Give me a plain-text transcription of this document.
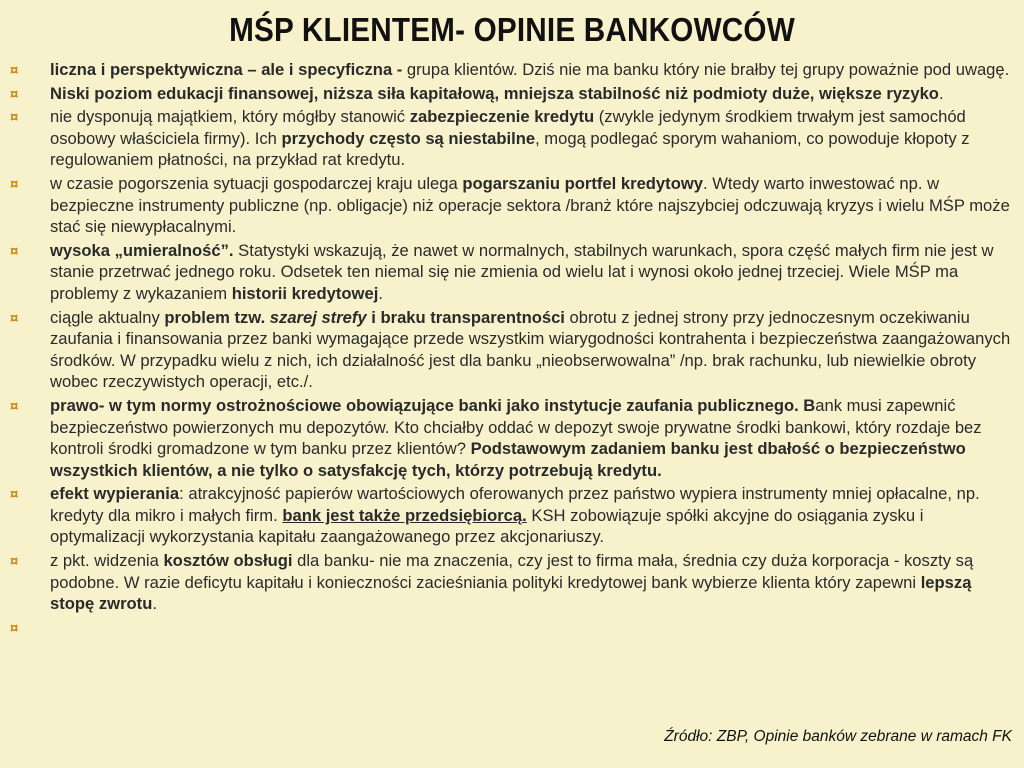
MŚP KLIENTEM- OPINIE BANKOWCÓW
¤ liczna i perspektywiczna – ale i specyficzna - grupa klientów. Dziś nie ma banku który nie brałby tej grupy poważnie pod uwagę.
¤ Niski poziom edukacji finansowej, niższa siła kapitałową, mniejsza stabilność niż podmioty duże, większe ryzyko.
¤ nie dysponują majątkiem, który mógłby stanowić zabezpieczenie kredytu (zwykle jedynym środkiem trwałym jest samochód osobowy właściciela firmy). Ich przychody często są niestabilne, mogą podlegać sporym wahaniom, co powoduje kłopoty z regulowaniem płatności, na przykład rat kredytu.
¤ w czasie pogorszenia sytuacji gospodarczej kraju ulega pogarszaniu portfel kredytowy. Wtedy warto inwestować np. w bezpieczne instrumenty publiczne (np. obligacje) niż operacje sektora /branż które najszybciej odczuwają kryzys i wielu MŚP może stać się niewypłacalnymi.
¤ wysoka „umieralność”. Statystyki wskazują, że nawet w normalnych, stabilnych warunkach, spora część małych firm nie jest w stanie przetrwać jednego roku. Odsetek ten niemal się nie zmienia od wielu lat i wynosi około jednej trzeciej. Wiele MŚP ma problemy z wykazaniem historii kredytowej.
¤ ciągle aktualny problem tzw. szarej strefy i braku transparentności obrotu z jednej strony przy jednoczesnym oczekiwaniu zaufania i finansowania przez banki wymagające przede wszystkim wiarygodności kontrahenta i bezpieczeństwa zaangażowanych środków. W przypadku wielu z nich, ich działalność jest dla banku „nieobserwowalna” /np. brak rachunku, lub niewielkie obroty wobec rzeczywistych operacji, etc./.
¤ prawo- w tym normy ostrożnościowe obowiązujące banki jako instytucje zaufania publicznego. Bank musi zapewnić bezpieczeństwo powierzonych mu depozytów. Kto chciałby oddać w depozyt swoje prywatne środki bankowi, który rozdaje bez kontroli środki gromadzone w tym banku przez klientów? Podstawowym zadaniem banku jest dbałość o bezpieczeństwo wszystkich klientów, a nie tylko o satysfakcję tych, którzy potrzebują kredytu.
¤ efekt wypierania: atrakcyjność papierów wartościowych oferowanych przez państwo wypiera instrumenty mniej opłacalne, np. kredyty dla mikro i małych firm. bank jest także przedsiębiorcą. KSH zobowiązuje spółki akcyjne do osiągania zysku i optymalizacji wykorzystania kapitału zaangażowanego przez akcjonariuszy.
¤ z pkt. widzenia kosztów obsługi dla banku- nie ma znaczenia, czy jest to firma mała, średnia czy duża korporacja - koszty są podobne. W razie deficytu kapitału i konieczności zacieśniania polityki kredytowej bank wybierze klienta który zapewni lepszą stopę zwrotu.
¤

Źródło: ZBP, Opinie banków zebrane w ramach FK
